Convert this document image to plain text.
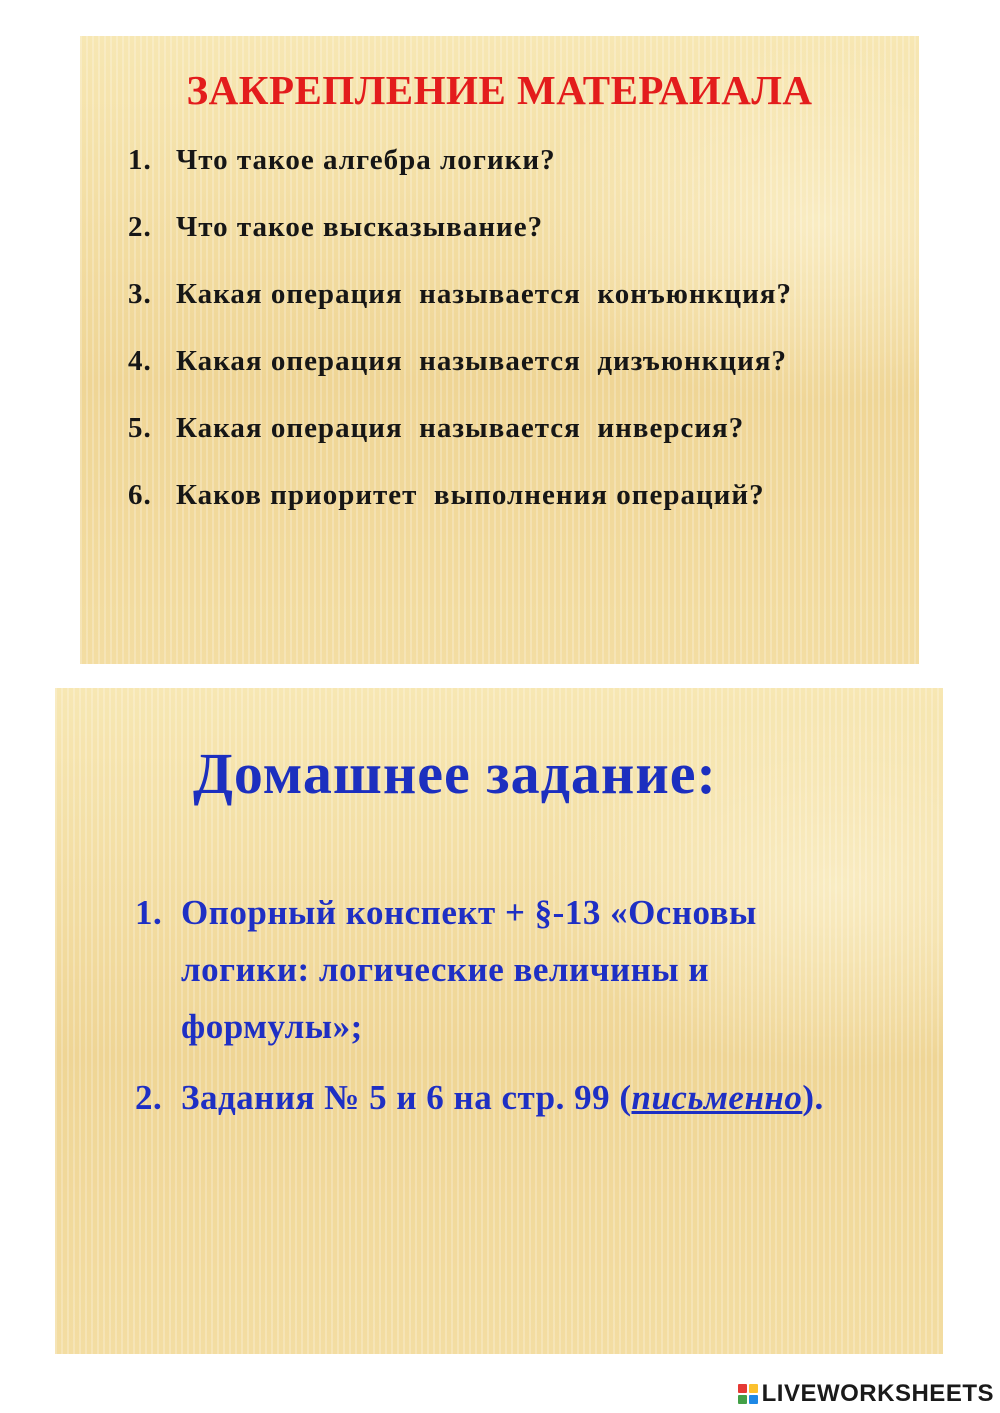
ЗАКРЕПЛЕНИЕ МАТЕРАИАЛА
1. Что такое алгебра логики?
2. Что такое высказывание?
3. Какая операция  называется  конъюнкция?
4. Какая операция  называется  дизъюнкция?
5. Какая операция  называется  инверсия?
6. Каков приоритет  выполнения операций?
Домашнее задание:
1. Опорный конспект + §-13 «Основы логики: логические величины и формулы»;
2. Задания № 5 и 6 на стр. 99 (письменно).
LIVEWORKSHEETS
